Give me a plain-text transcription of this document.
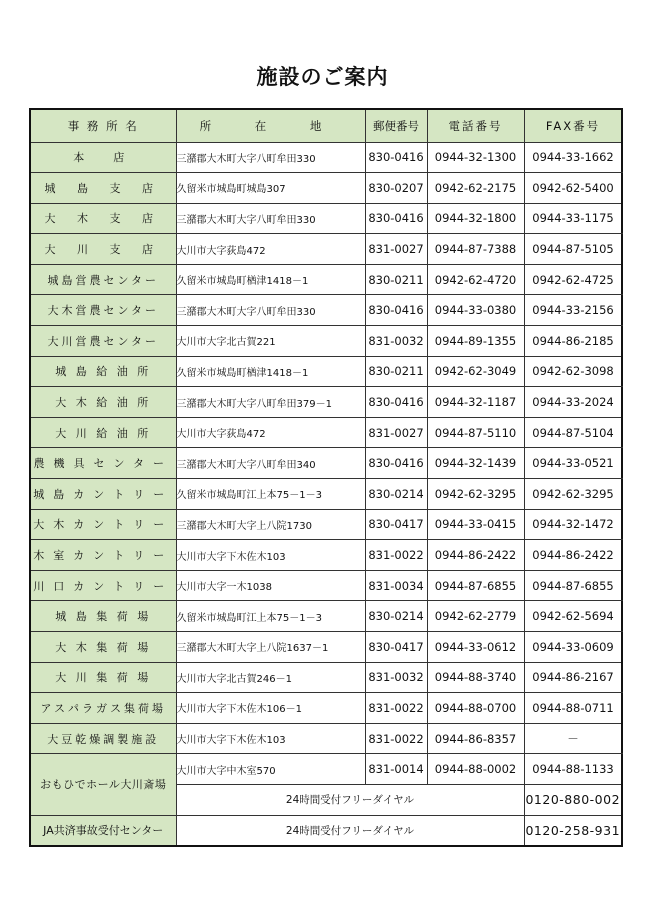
施設のご案内
事 務 所 名	所 在 地	郵便番号	電話番号	FAX番号
本　店	三潴郡大木町大字八町牟田330	830-0416	0944-32-1300	0944-33-1662
城 島 支 店	久留米市城島町城島307	830-0207	0942-62-2175	0942-62-5400
大 木 支 店	三潴郡大木町大字八町牟田330	830-0416	0944-32-1800	0944-33-1175
大 川 支 店	大川市大字荻島472	831-0027	0944-87-7388	0944-87-5105
城島営農センター	久留米市城島町楢津1418－1	830-0211	0942-62-4720	0942-62-4725
大木営農センター	三潴郡大木町大字八町牟田330	830-0416	0944-33-0380	0944-33-2156
大川営農センター	大川市大字北古賀221	831-0032	0944-89-1355	0944-86-2185
城 島 給 油 所	久留米市城島町楢津1418－1	830-0211	0942-62-3049	0942-62-3098
大 木 給 油 所	三潴郡大木町大字八町牟田379－1	830-0416	0944-32-1187	0944-33-2024
大 川 給 油 所	大川市大字荻島472	831-0027	0944-87-5110	0944-87-5104
農機具センター	三潴郡大木町大字八町牟田340	830-0416	0944-32-1439	0944-33-0521
城島カントリー	久留米市城島町江上本75－1－3	830-0214	0942-62-3295	0942-62-3295
大木カントリー	三潴郡大木町大字上八院1730	830-0417	0944-33-0415	0944-32-1472
木室カントリー	大川市大字下木佐木103	831-0022	0944-86-2422	0944-86-2422
川口カントリー	大川市大字一木1038	831-0034	0944-87-6855	0944-87-6855
城 島 集 荷 場	久留米市城島町江上本75－1－3	830-0214	0942-62-2779	0942-62-5694
大 木 集 荷 場	三潴郡大木町大字上八院1637－1	830-0417	0944-33-0612	0944-33-0609
大 川 集 荷 場	大川市大字北古賀246－1	831-0032	0944-88-3740	0944-86-2167
アスパラガス集荷場	大川市大字下木佐木106－1	831-0022	0944-88-0700	0944-88-0711
大豆乾燥調製施設	大川市大字下木佐木103	831-0022	0944-86-8357	－
おもひでホール大川斎場	大川市大字中木室570	831-0014	0944-88-0002	0944-88-1133
	24時間受付フリーダイヤル			0120-880-002
JA共済事故受付センター	24時間受付フリーダイヤル			0120-258-931
